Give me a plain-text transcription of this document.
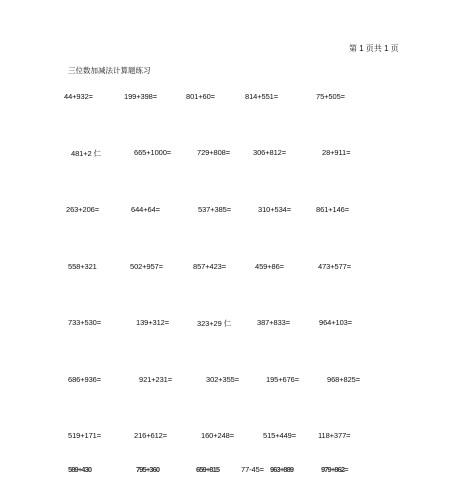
第 1 页共 1 页
三位数加减法计算题练习
44+932=	199+398=	801+60=	814+551=	75+505=
481+2 仁	665+1000=	729+808=	306+812=	28+911=
263+206=	644+64=	537+385=	310+534=	861+146=
558+321	502+957=	857+423=	459+86=	473+577=
733+530=	139+312=	323+29 仁	387+833=	964+103=
686+936=	921+231=	302+355=	195+676=	968+825=
519+171=	216+612=	160+248=	515+449=	118+377=
589+430	795+360	659+815	77-45= 963+889	979+862=
